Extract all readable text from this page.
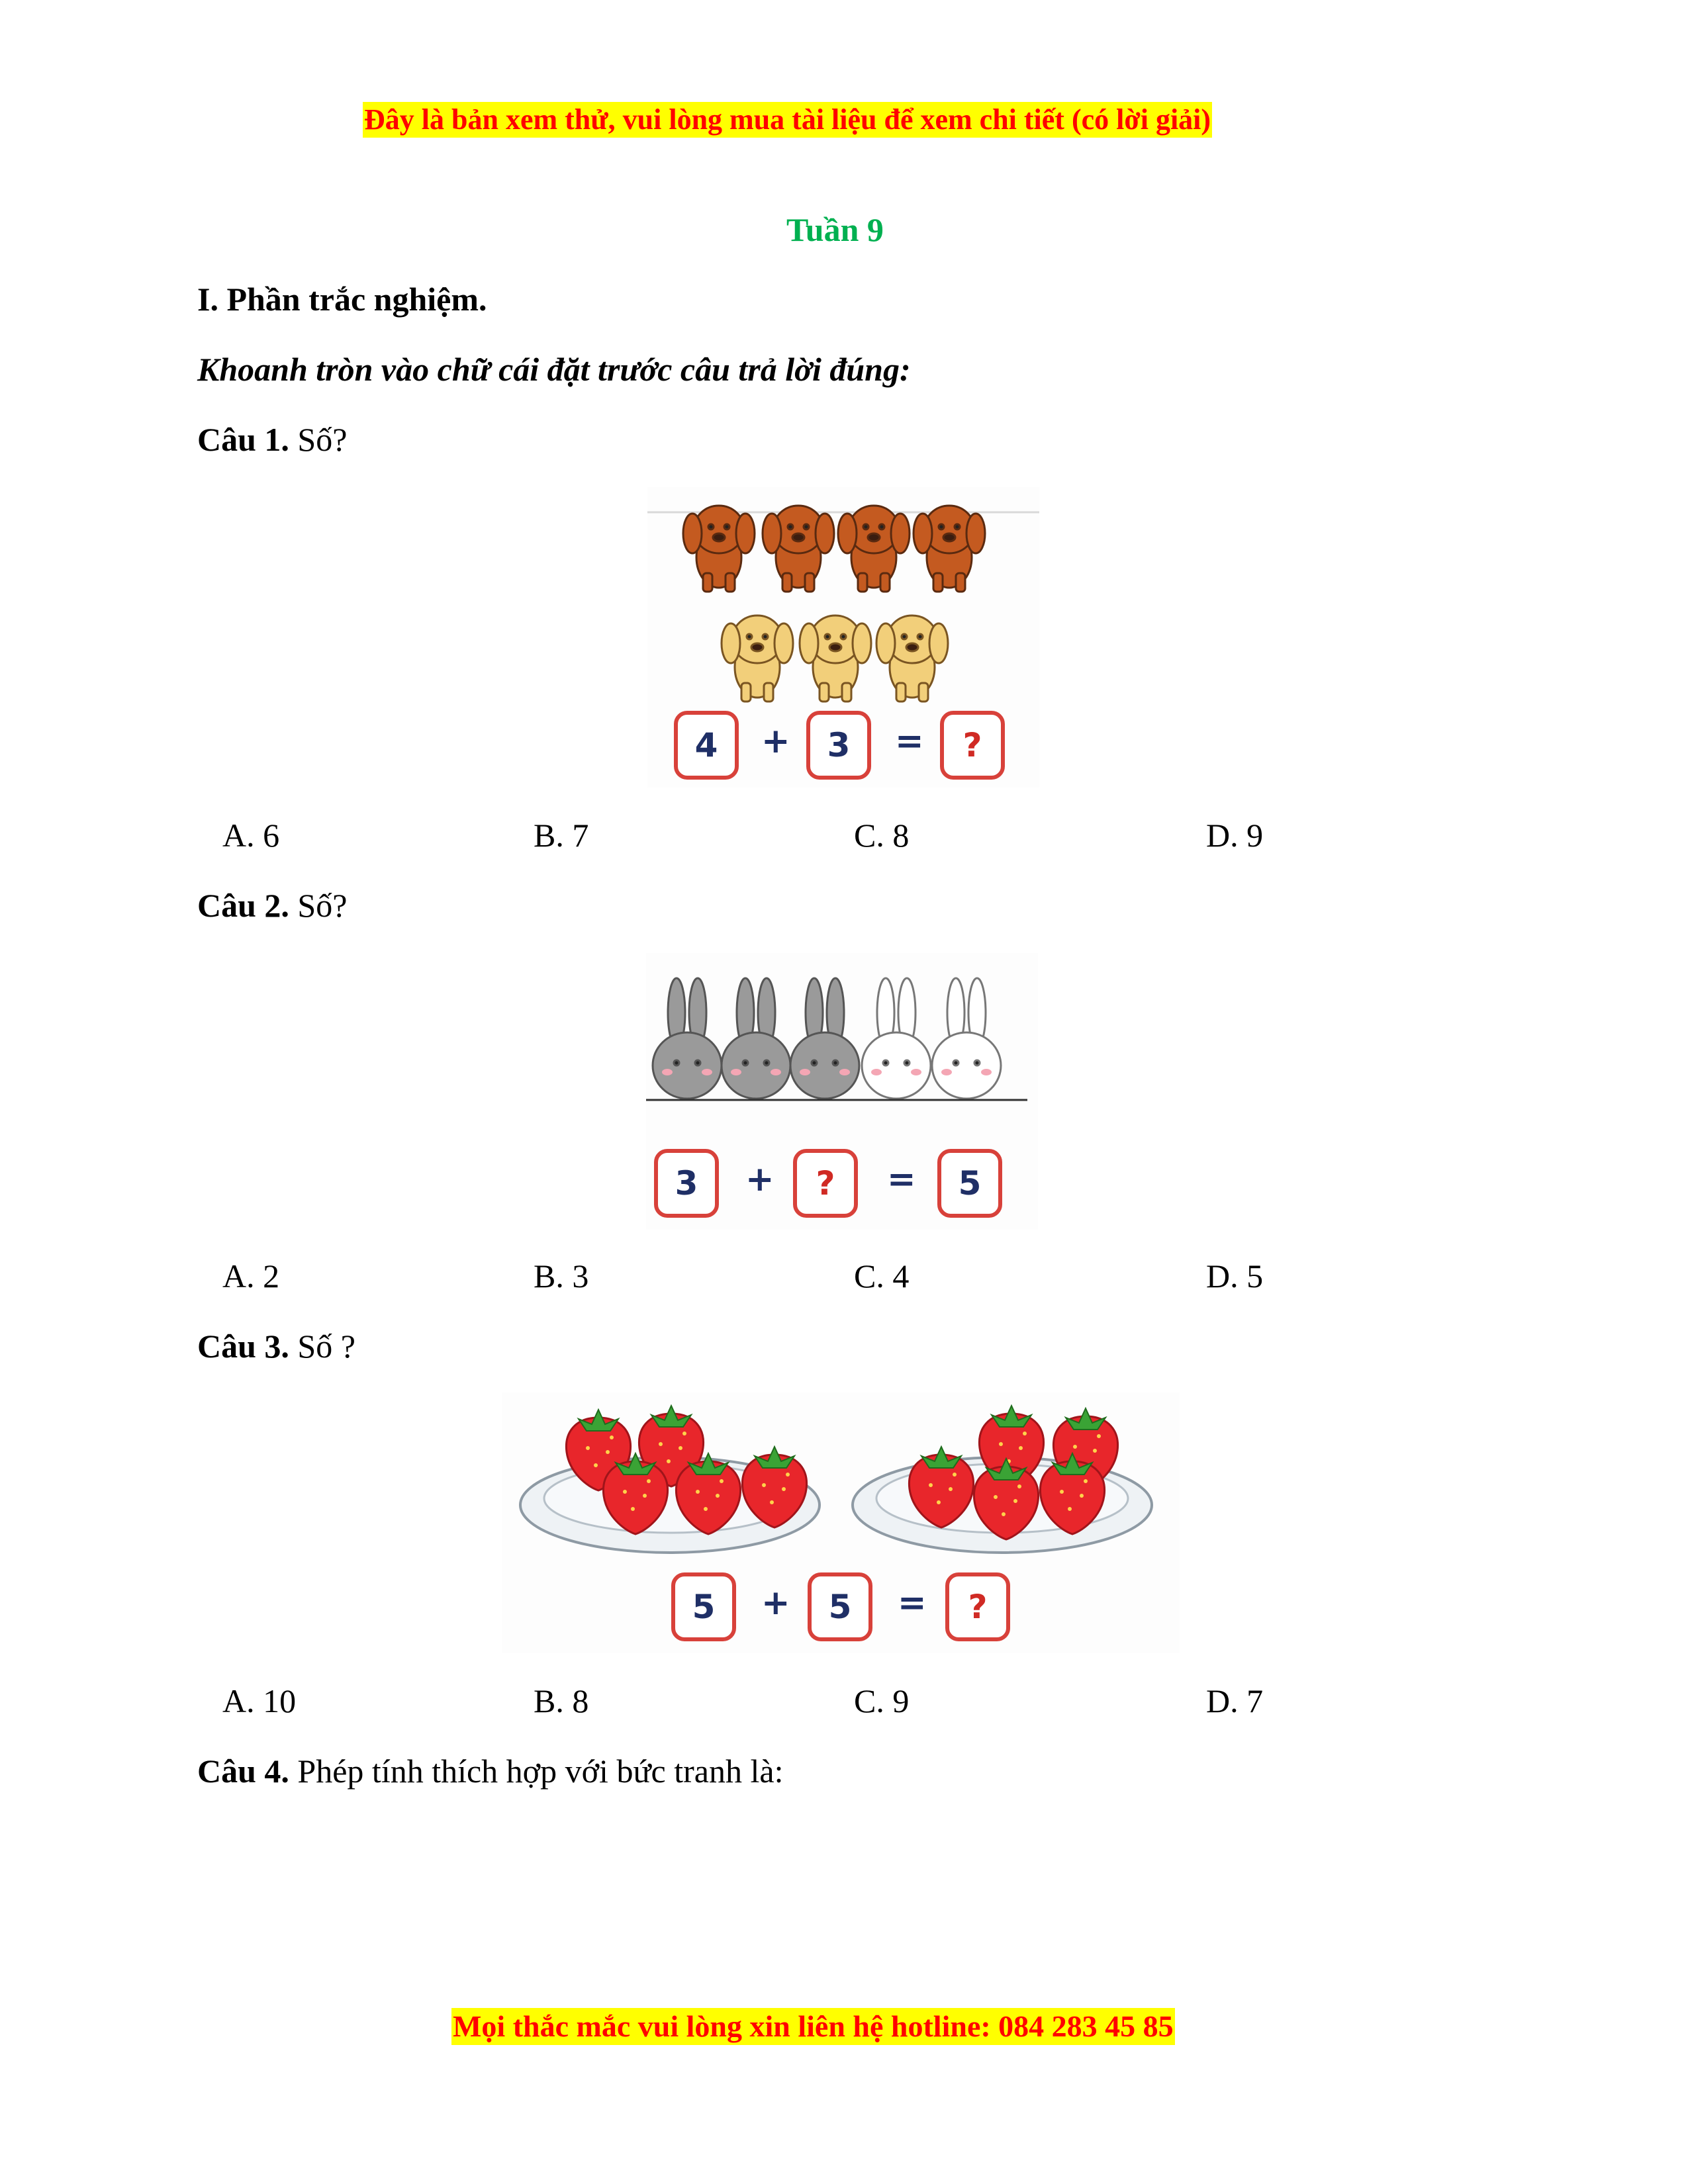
Đây là bản xem thử, vui lòng mua tài liệu để xem chi tiết (có lời giải)
Tuần 9
I. Phần trắc nghiệm.
Khoanh tròn vào chữ cái đặt trước câu trả lời đúng:
Câu 1. Số?
4	+	3	=	?
A. 6	B. 7	C. 8	D. 9
Câu 2. Số?
3	+	?	=	5
A. 2	B. 3	C. 4	D. 5
Câu 3. Số ?
5	+	5	=	?
A. 10	B. 8	C. 9	D. 7
Câu 4. Phép tính thích hợp với bức tranh là:
Mọi thắc mắc vui lòng xin liên hệ hotline: 084 283 45 85
